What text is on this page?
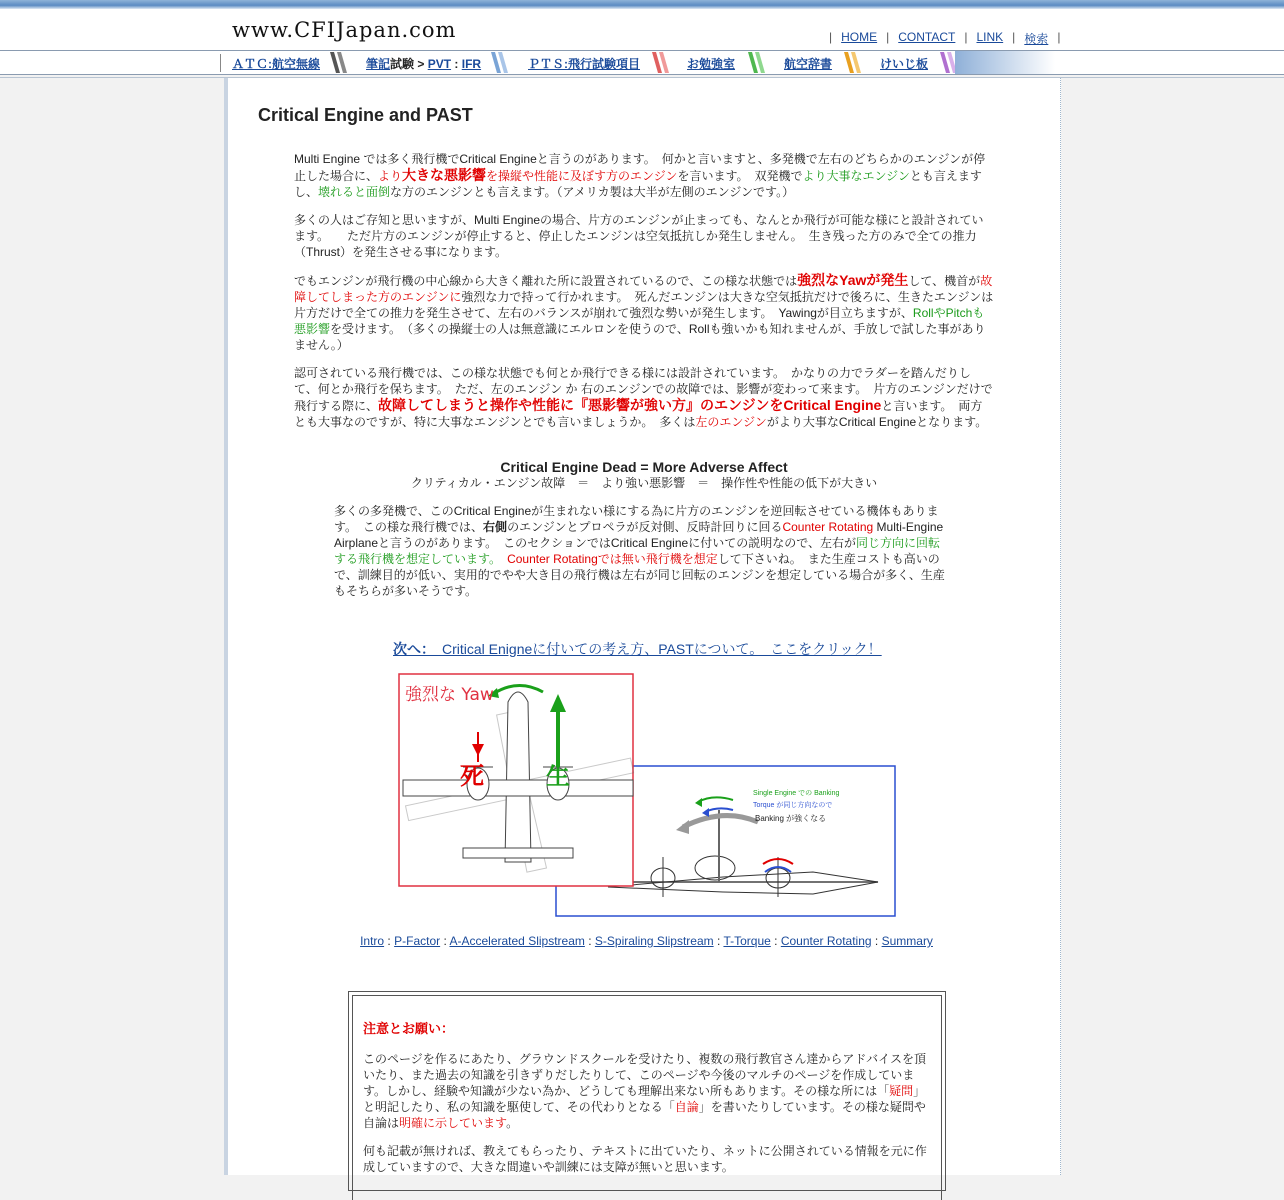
www.CFIJapan.com	| HOME | CONTACT | LINK | 検索 |
ＡＴＣ:航空無線	筆記試験 > PVT : IFR	ＰＴＳ:飛行試験項目	お勉強室	航空辞書	けいじ板
Critical Engine and PAST
Multi Engine では多く飛行機でCritical Engineと言うのがあります。　何かと言いますと、多発機で左右のどちらかのエンジンが停止した場合に、より大きな悪影響を操縦や性能に及ぼす方のエンジンを言います。　双発機でより大事なエンジンとも言えますし、壊れると面倒な方のエンジンとも言えます。（アメリカ製は大半が左側のエンジンです。）
多くの人はご存知と思いますが、Multi Engineの場合、片方のエンジンが止まっても、なんとか飛行が可能な様にと設計されています。　　ただ片方のエンジンが停止すると、停止したエンジンは空気抵抗しか発生しません。　生き残った方のみで全ての推力（Thrust）を発生させる事になります。
でもエンジンが飛行機の中心線から大きく離れた所に設置されているので、この様な状態では強烈なYawが発生して、機首が故障してしまった方のエンジンに強烈な力で持って行かれます。　死んだエンジンは大きな空気抵抗だけで後ろに、生きたエンジンは片方だけで全ての推力を発生させて、左右のバランスが崩れて強烈な勢いが発生します。　Yawingが目立ちますが、RollやPitchも悪影響を受けます。　（多くの操縦士の人は無意識にエルロンを使うので、Rollも強いかも知れませんが、手放しで試した事がありません。）
認可されている飛行機では、この様な状態でも何とか飛行できる様には設計されています。　かなりの力でラダーを踏んだりして、何とか飛行を保ちます。　ただ、左のエンジン か 右のエンジンでの故障では、影響が変わって来ます。　片方のエンジンだけで飛行する際に、故障してしまうと操作や性能に『悪影響が強い方』のエンジンをCritical Engineと言います。　両方とも大事なのですが、特に大事なエンジンとでも言いましょうか。　多くは左のエンジンがより大事なCritical Engineとなります。
Critical Engine Dead = More Adverse Affect
クリティカル・エンジン故障　＝　より強い悪影響　＝　操作性や性能の低下が大きい
多くの多発機で、このCritical Engineが生まれない様にする為に片方のエンジンを逆回転させている機体もあります。　この様な飛行機では、右側のエンジンとプロペラが反対側、反時計回りに回るCounter Rotating Multi-Engine Airplaneと言うのがあります。　このセクションではCritical Engineに付いての説明なので、左右が同じ方向に回転する飛行機を想定しています。　 Counter Rotatingでは無い飛行機を想定して下さいね。　また生産コストも高いので、訓練目的が低い、実用的でやや大き目の飛行機は左右が同じ回転のエンジンを想定している場合が多く、生産もそちらが多いそうです。
次へ：　 Critical Enigneに付いての考え方、PASTについて。　ここをクリック！
Single Engine での Banking
Torque が同じ方向なので
Banking が強くなる
強烈な Yaw
死	生
Intro : P-Factor : A-Accelerated Slipstream : S-Spiraling Slipstream : T-Torque : Counter Rotating : Summary
注意とお願い：
このページを作るにあたり、グラウンドスクールを受けたり、複数の飛行教官さん達からアドバイスを頂いたり、また過去の知識を引きずりだしたりして、このページや今後のマルチのページを作成しています。しかし、経験や知識が少ない為か、どうしても理解出来ない所もあります。その様な所には「疑問」と明記したり、私の知識を駆使して、その代わりとなる「自論」を書いたりしています。その様な疑問や自論は明確に示しています。
何も記載が無ければ、教えてもらったり、テキストに出ていたり、ネットに公開されている情報を元に作成していますので、大きな間違いや訓練には支障が無いと思います。
